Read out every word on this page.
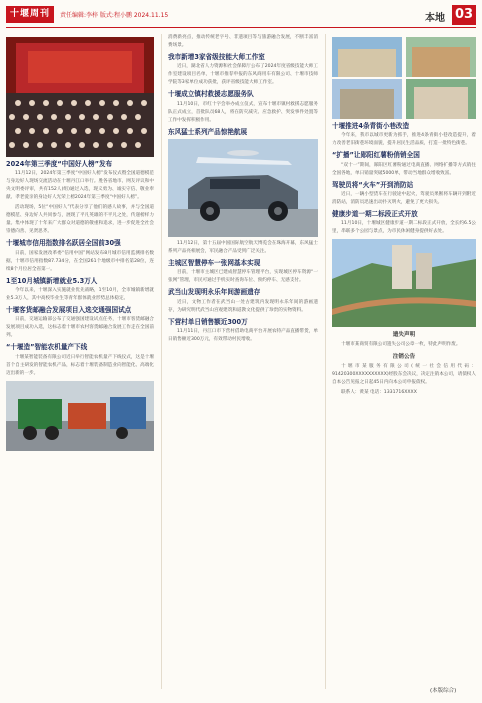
十堰周刊	责任编辑:李梓 版式:程小鹏 2024.11.15	本地 03
2024年第三季度“中国好人榜”发布

11月12日，2024年第三季度“中国好人榜”发布仪式暨全国道德模范与身边好人现场交流活动在十堰丹江口举行。胜各省地市、网友评议和中央文明委评审，共有152人(组)通过入选，现义勇为、诚实守信、敬业奉献、孝老爱亲的身边好人光荣上榜2024年第三季度“中国好人榜”。

活动现场，5位“中国好人”代表分享了他们的感人故事，并与全国道德模范、身边好人共同参与，展现了平凡英雄的不平凡之处，传递榜样力量。集中体现了十年来广大群众对道德的敬重和追求，进一步促进全社会崇德向善、见贤思齐。

十堰城市信用指数排名跃居全国前30强

日前，国家发展改革委“信用中国”网站发布8月城市信用监测排名数据，十堰市信用指数87.734分，在全国261个地级市中排名第28位，连续8个月位居全省第一。

1至10月城镇新增就业5.3万人

今年以来，十堰深入实施就业优先战略，1至10月，全市城镇新增就业5.3万人，其中高校毕业生等青年群体就业形势总体稳定。

十堰客货邮融合发展项目入选交通强国试点

日前，交通运输部公布了交通强国建设试点任务，十堰市客货邮融合发展项目成功入选，这标志着十堰市农村客货邮融合发展工作走在全国前列。

“十堰造”智能农机量产下线

十堰某智能装备有限公司近日举行智能农机量产下线仪式，这是十堰首个自主研发的智能农机产品，标志着十堰装备制造业向智能化、高端化迈出新的一步。

消费新亮点，推动传统老字号、非遗项目等与旅游融合发展，不断丰富消费场景。

我市新增3家省级技能大师工作室

近日，湖北省人力资源和社会保障厅公布了2024年度省级技能大师工作室建设项目名单，十堰市推荐申报的东风商用车有限公司、十堰市技师学院等3家单位成功获批，获评省级技能大师工作室。

十堰成立镇村救援志愿服务队

11月10日，市红十字会举办成立仪式，宣布十堰市镇村救援志愿服务队正式成立，首批队员68人，将在防灾减灾、应急救护、突发事件处置等工作中发挥积极作用。

东风猛士系列产品惊艳航展

11月12日，第十五届中国国际航空航天博览会在珠海开幕，东风猛士系列产品亮相展会，军民融合产品受到广泛关注。

主城区智慧停车一张网基本实现

目前，十堰市主城区已建成智慧停车管理平台，实现城区停车资源“一张网”管理，市民可通过手机实时查询车位、预约停车、无感支付。

武当山发现明永乐年间游画遗存

近日，文物工作者在武当山一处古建筑内发现明永乐年间的游画遗存，为研究明代武当山宫观建筑和道教文化提供了珍贵的实物资料。

下营村单日销售额近300万

11月11日，丹江口市下营村借助电商平台开展农特产品直播带货，单日销售额近300万元，有效带动村民增收。

十堰推进4条青街小巷改造

今年来，我市以城市更新为抓手，推进4条青街小巷改造提升，着力改善老旧街巷环境面貌，提升居民生活品质，打造一批特色街巷。

“扩播”让郧阳红薯粉俏销全国

“双十一”期间，郧阳区红薯粉通过电商直播、网络扩播等方式销往全国各地，单日销量突破5000单，带动当地群众增收致富。

驾驶员将“火车”开到消防站

近日，一辆小型货车在行驶途中起火，驾驶员果断将车辆开到附近消防站，消防员迅速出动扑灭明火，避免了更大损失。

健康步道一期二标段正式开放

11月10日，十堰城区健康步道一期二标段正式开放，全长约6.5公里，串联多个公园与景点，为市民休闲健身提供好去处。

遗失声明

十堰市某商贸有限公司遗失公司公章一枚，特此声明作废。

注销公告

十堰市某服务有限公司(统一社会信用代码：91420300XXXXXXXXXX)经股东会决议，决定注销本公司，请债权人自本公告见报之日起45日内向本公司申报债权。

联系人：黄某 电话：1331716XXXX

(本版综合)
